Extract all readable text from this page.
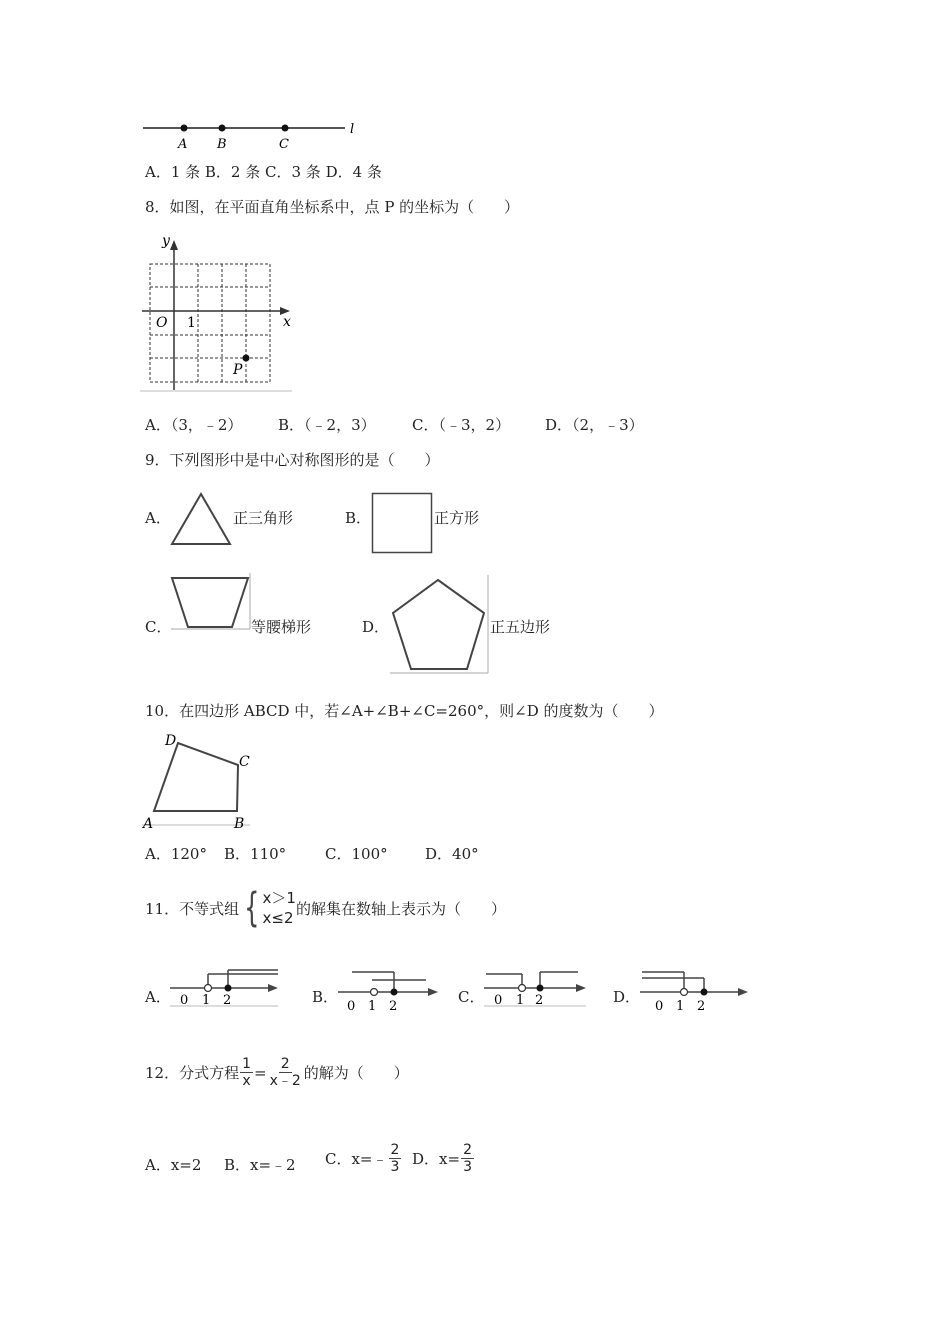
A B	C
l
A．1 条 B．2 条 C．3 条 D．4 条
8．如图，在平面直角坐标系中，点 P 的坐标为（　　）
y
x
O 1
P
A．（3，﹣2） B．（﹣2，3） C．（﹣3，2） D．（2，﹣3）
9．下列图形中是中心对称图形的是（　　）
A．	正三角形	B．	正方形
C．	等腰梯形	D．	正五边形
10．在四边形 ABCD 中，若∠A+∠B+∠C=260°，则∠D 的度数为（　　）
A	B
C
D
A．120° B．110°	C．100° D．40°
11．不等式组 { x＞1
x≤2
的解集在数轴上表示为（　　）
A． 0 1 2	B．
0 1 2
C． 0 1 2	D．
0 1 2
12．分式方程 $\frac{1}{x} = \frac{2}{x﹣2}$ 的解为（　　）
A．x=2 B．x=﹣2 C．x=﹣ $\frac{2}{3}$ D．$x= \frac{2}{3}$
